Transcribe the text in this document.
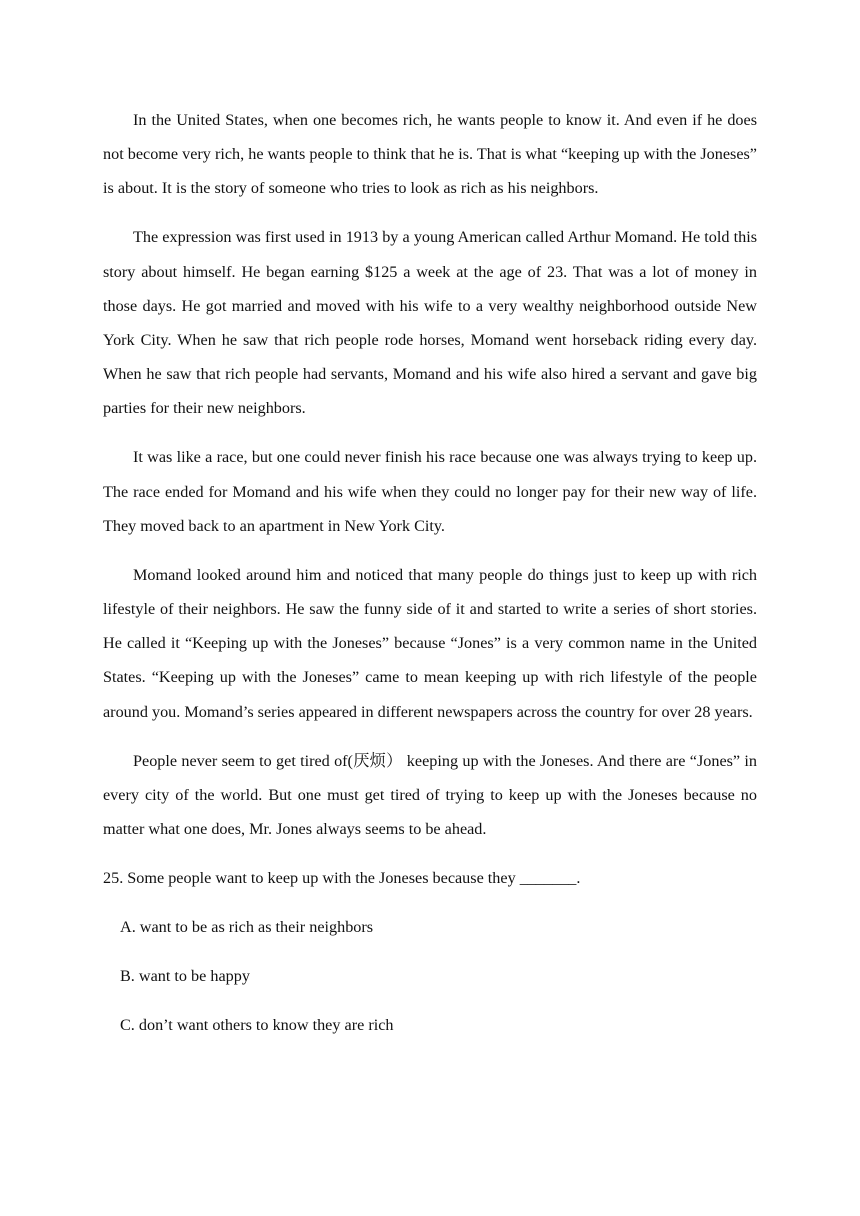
In the United States, when one becomes rich, he wants people to know it. And even if he does not become very rich, he wants people to think that he is. That is what “keeping up with the Joneses” is about. It is the story of someone who tries to look as rich as his neighbors.

The expression was first used in 1913 by a young American called Arthur Momand. He told this story about himself. He began earning $125 a week at the age of 23. That was a lot of money in those days. He got married and moved with his wife to a very wealthy neighborhood outside New York City. When he saw that rich people rode horses, Momand went horseback riding every day. When he saw that rich people had servants, Momand and his wife also hired a servant and gave big parties for their new neighbors.

It was like a race, but one could never finish his race because one was always trying to keep up. The race ended for Momand and his wife when they could no longer pay for their new way of life. They moved back to an apartment in New York City.

Momand looked around him and noticed that many people do things just to keep up with rich lifestyle of their neighbors. He saw the funny side of it and started to write a series of short stories. He called it “Keeping up with the Joneses” because “Jones” is a very common name in the United States. “Keeping up with the Joneses” came to mean keeping up with rich lifestyle of the people around you. Momand’s series appeared in different newspapers across the country for over 28 years.

People never seem to get tired of(厌烦） keeping up with the Joneses. And there are “Jones” in every city of the world. But one must get tired of trying to keep up with the Joneses because no matter what one does, Mr. Jones always seems to be ahead.

25. Some people want to keep up with the Joneses because they _______.

A. want to be as rich as their neighbors

B. want to be happy

C. don’t want others to know they are rich
